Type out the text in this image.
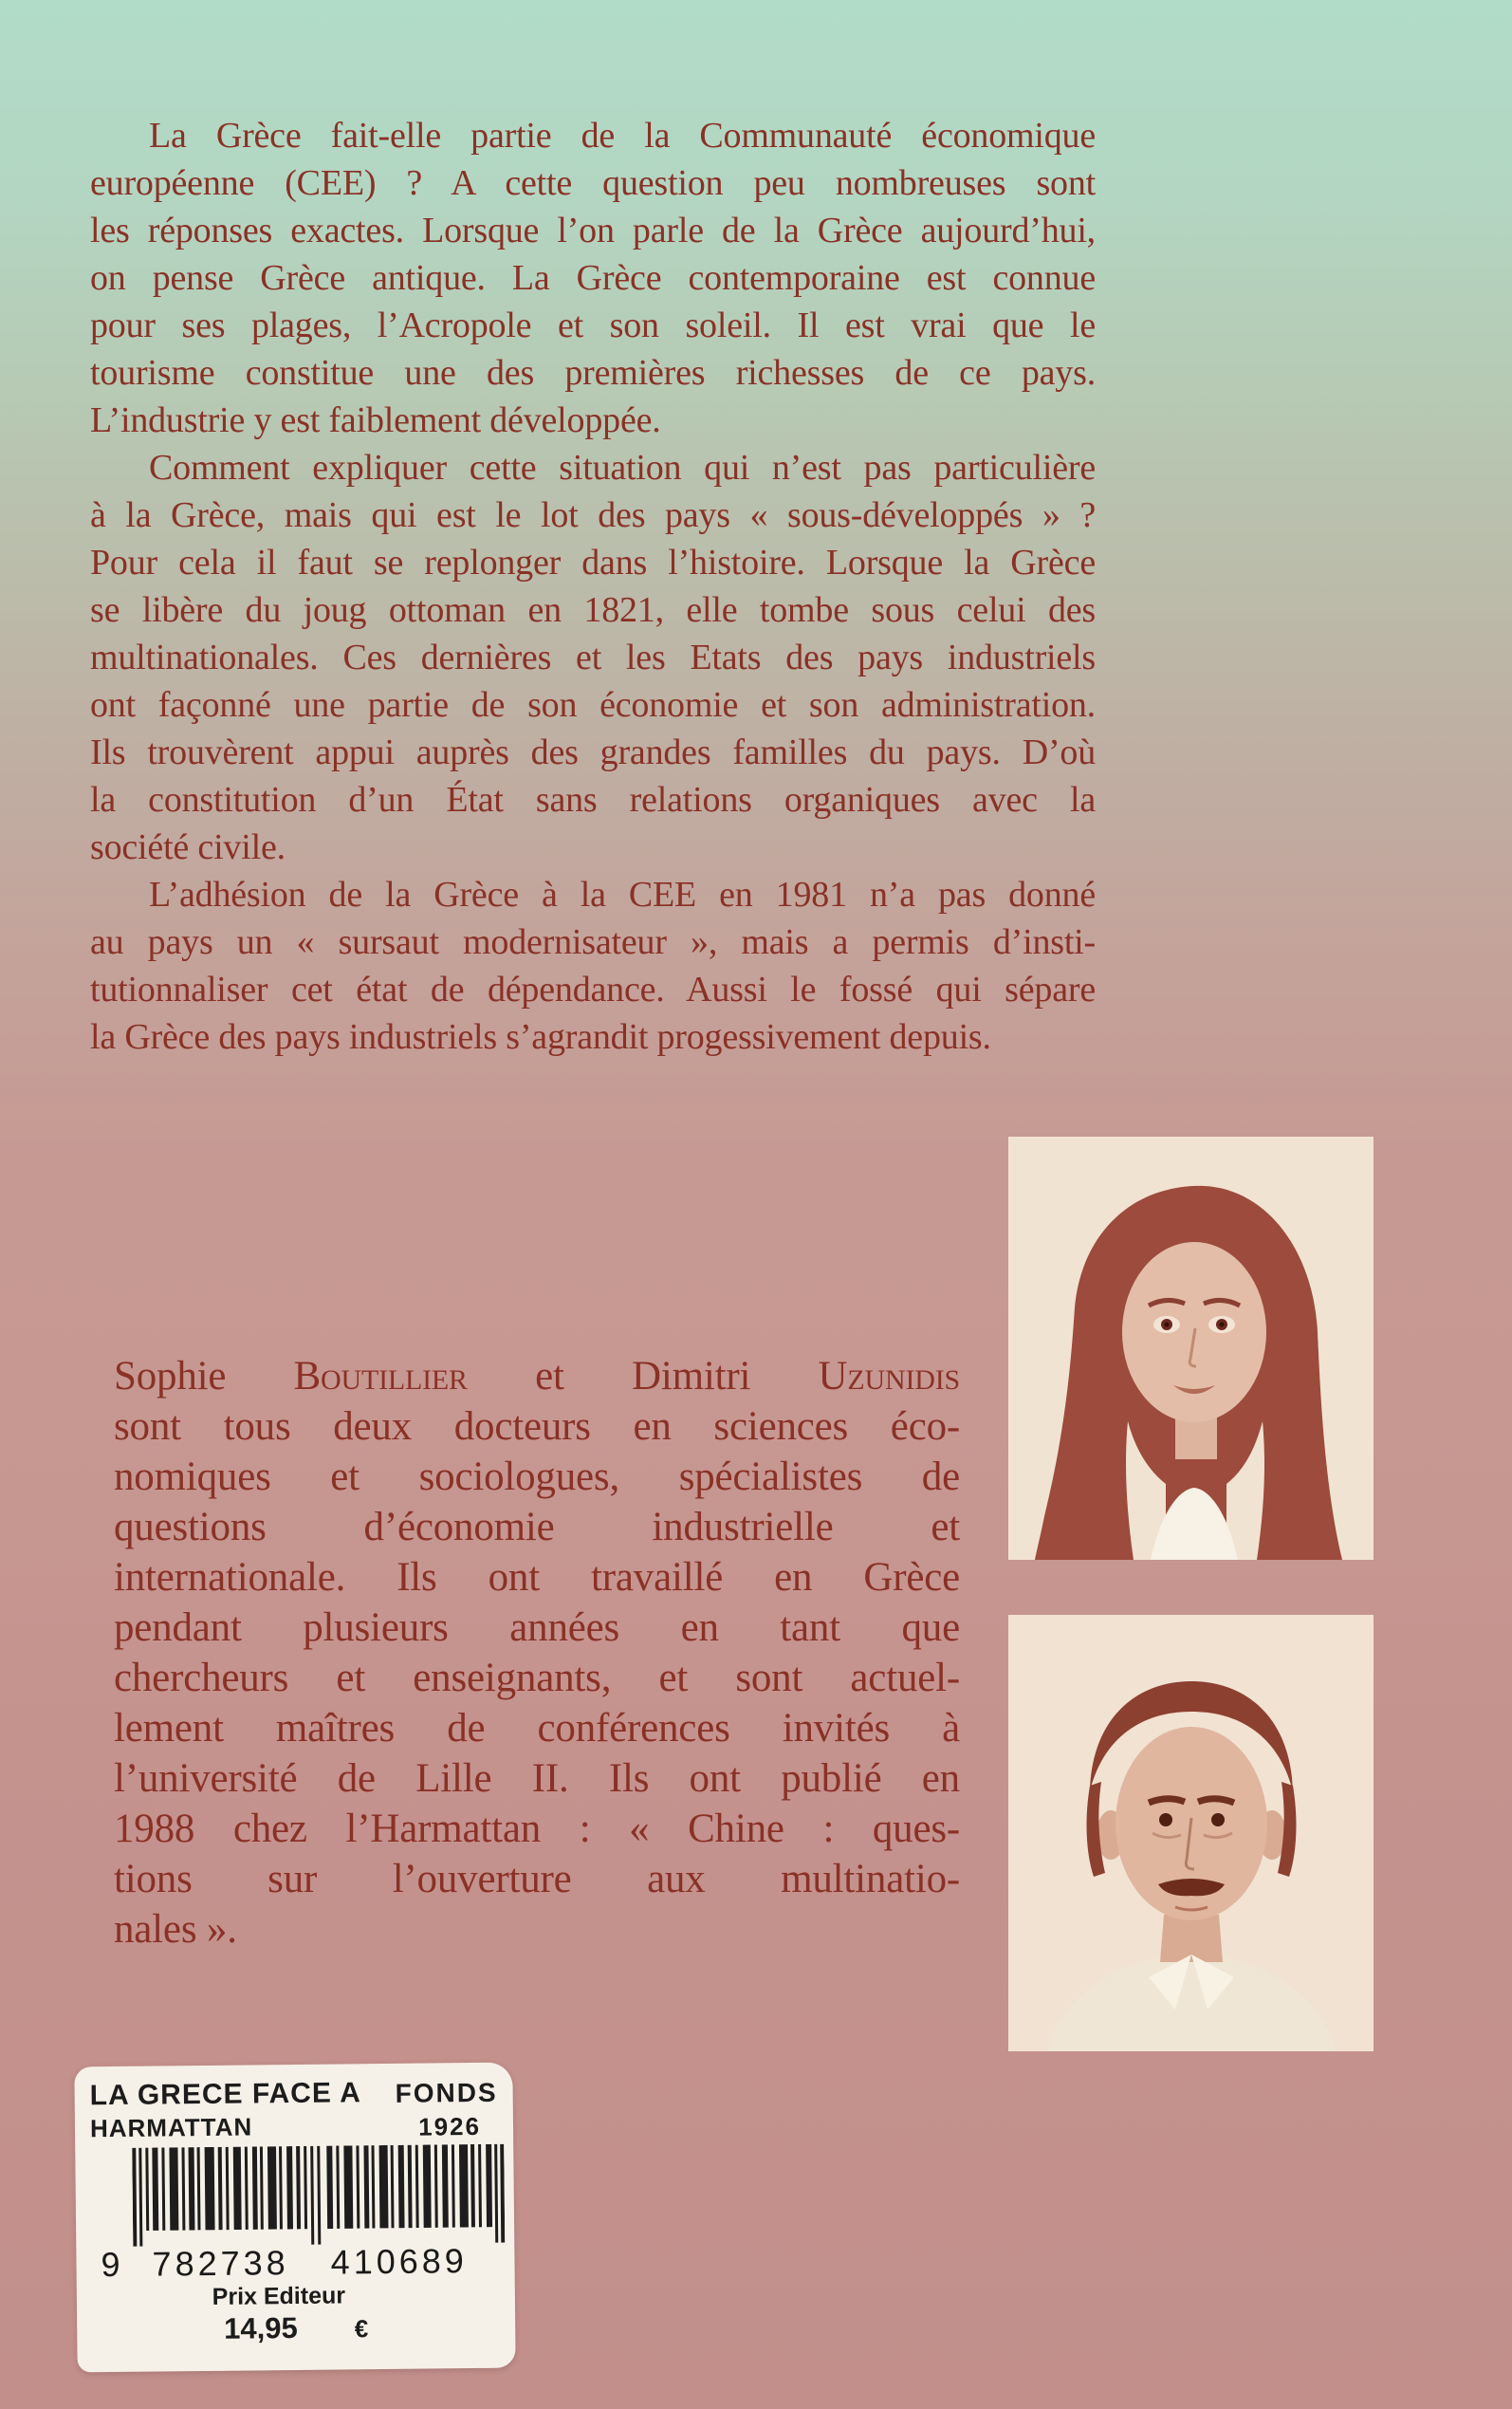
La Grèce fait-elle partie de la Communauté économique
européenne (CEE) ? A cette question peu nombreuses sont
les réponses exactes. Lorsque l’on parle de la Grèce aujourd’hui,
on pense Grèce antique. La Grèce contemporaine est connue
pour ses plages, l’Acropole et son soleil. Il est vrai que le
tourisme constitue une des premières richesses de ce pays.
L’industrie y est faiblement développée.
Comment expliquer cette situation qui n’est pas particulière
à la Grèce, mais qui est le lot des pays « sous-développés » ?
Pour cela il faut se replonger dans l’histoire. Lorsque la Grèce
se libère du joug ottoman en 1821, elle tombe sous celui des
multinationales. Ces dernières et les Etats des pays industriels
ont façonné une partie de son économie et son administration.
Ils trouvèrent appui auprès des grandes familles du pays. D’où
la constitution d’un État sans relations organiques avec la
société civile.
L’adhésion de la Grèce à la CEE en 1981 n’a pas donné
au pays un « sursaut modernisateur », mais a permis d’insti-
tutionnaliser cet état de dépendance. Aussi le fossé qui sépare
la Grèce des pays industriels s’agrandit progessivement depuis.
Sophie Boutillier et Dimitri Uzunidis
sont tous deux docteurs en sciences éco-
nomiques et sociologues, spécialistes de
questions d’économie industrielle et
internationale. Ils ont travaillé en Grèce
pendant plusieurs années en tant que
chercheurs et enseignants, et sont actuel-
lement maîtres de conférences invités à
l’université de Lille II. Ils ont publié en
1988 chez l’Harmattan : « Chine : ques-
tions sur l’ouverture aux multinatio-
nales ».
LA GRECE FACE A
HARMATTAN
FONDS
1926
9 782738 410689
Prix Editeur
14,95 €
